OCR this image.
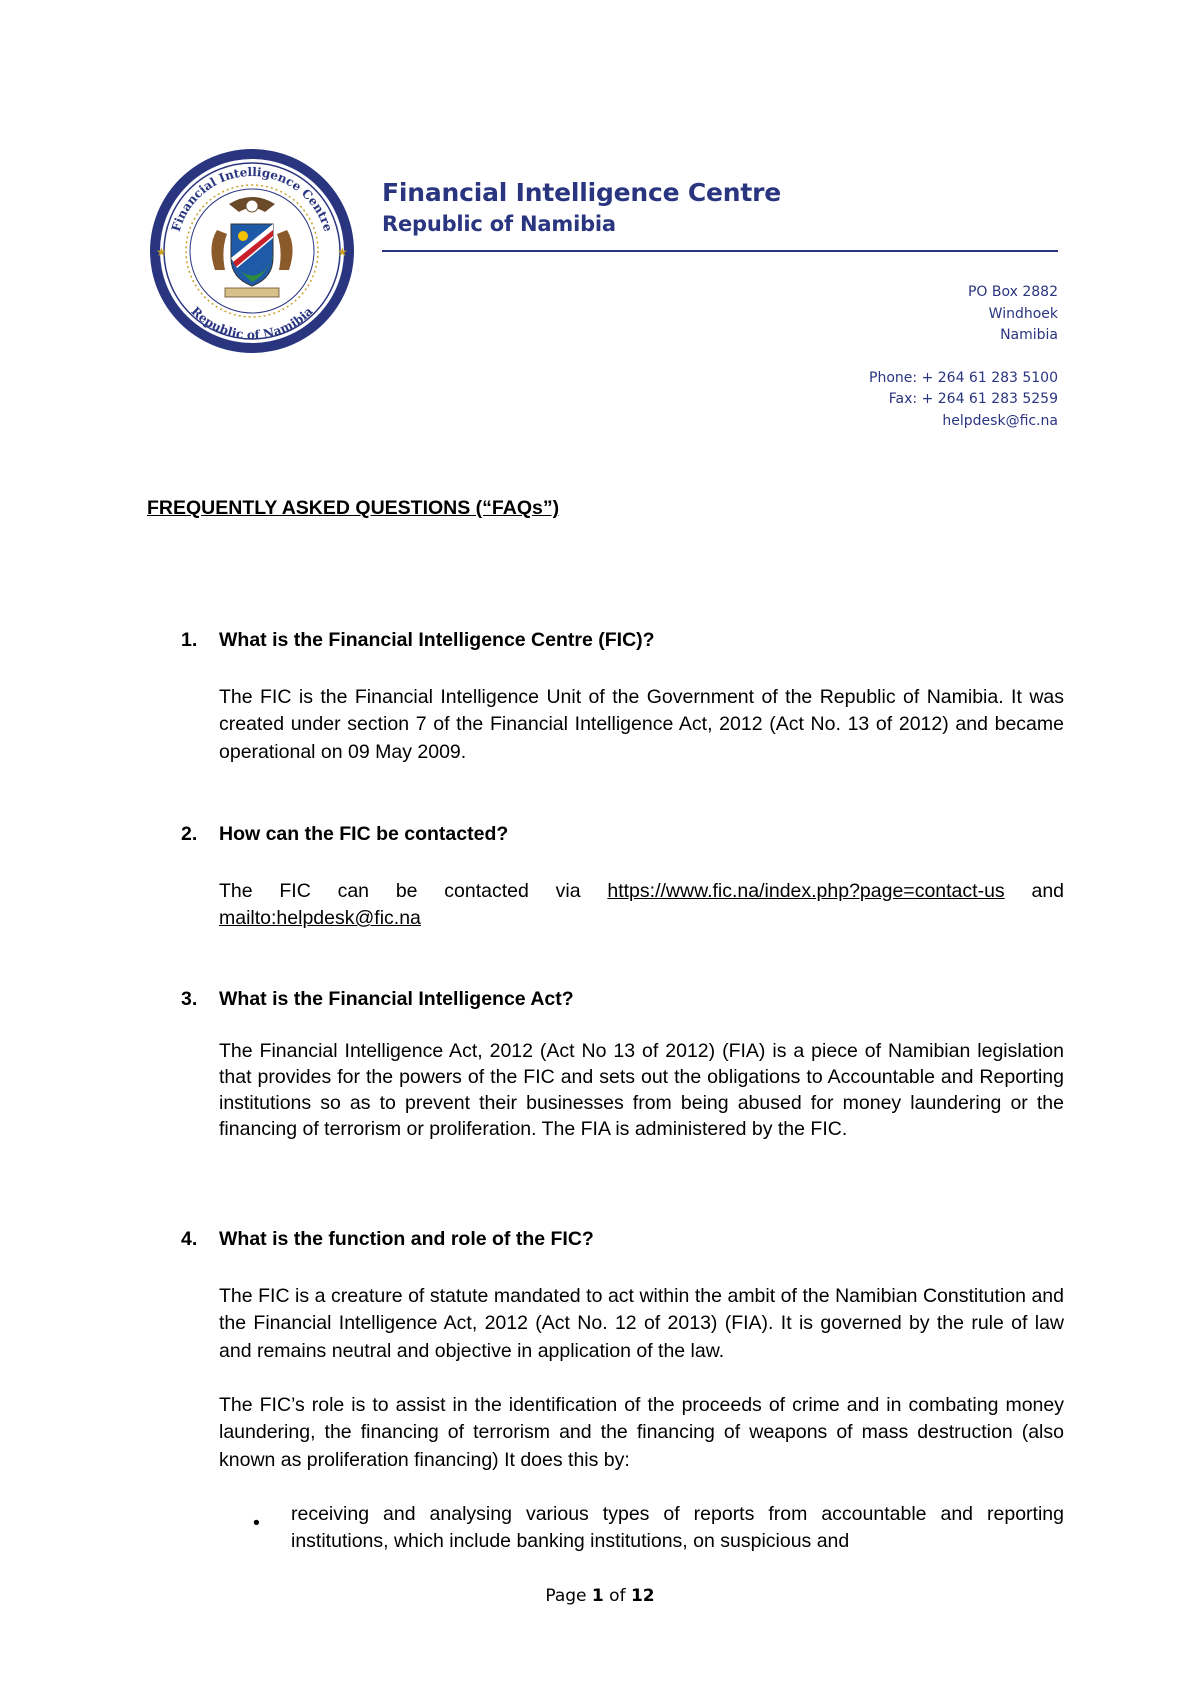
Financial Intelligence Centre
Republic of Namibia
★	★
Financial Intelligence Centre
Republic of Namibia
PO Box 2882
Windhoek
Namibia
Phone: + 264 61 283 5100
Fax: + 264 61 283 5259
helpdesk@fic.na
FREQUENTLY ASKED QUESTIONS (“FAQs”)
1. What is the Financial Intelligence Centre (FIC)?
The FIC is the Financial Intelligence Unit of the Government of the Republic of Namibia. It was created under section 7 of the Financial Intelligence Act, 2012 (Act No. 13 of 2012) and became operational on 09 May 2009.
2. How can the FIC be contacted?
The FIC can be contacted via https://www.fic.na/index.php?page=contact-us and mailto:helpdesk@fic.na
3. What is the Financial Intelligence Act?
The Financial Intelligence Act, 2012 (Act No 13 of 2012) (FIA) is a piece of Namibian legislation that provides for the powers of the FIC and sets out the obligations to Accountable and Reporting institutions so as to prevent their businesses from being abused for money laundering or the financing of terrorism or proliferation. The FIA is administered by the FIC.
4. What is the function and role of the FIC?
The FIC is a creature of statute mandated to act within the ambit of the Namibian Constitution and the Financial Intelligence Act, 2012 (Act No. 12 of 2013) (FIA). It is governed by the rule of law and remains neutral and objective in application of the law.
The FIC’s role is to assist in the identification of the proceeds of crime and in combating money laundering, the financing of terrorism and the financing of weapons of mass destruction (also known as proliferation financing) It does this by:
• receiving and analysing various types of reports from accountable and reporting institutions, which include banking institutions, on suspicious and
Page 1 of 12
